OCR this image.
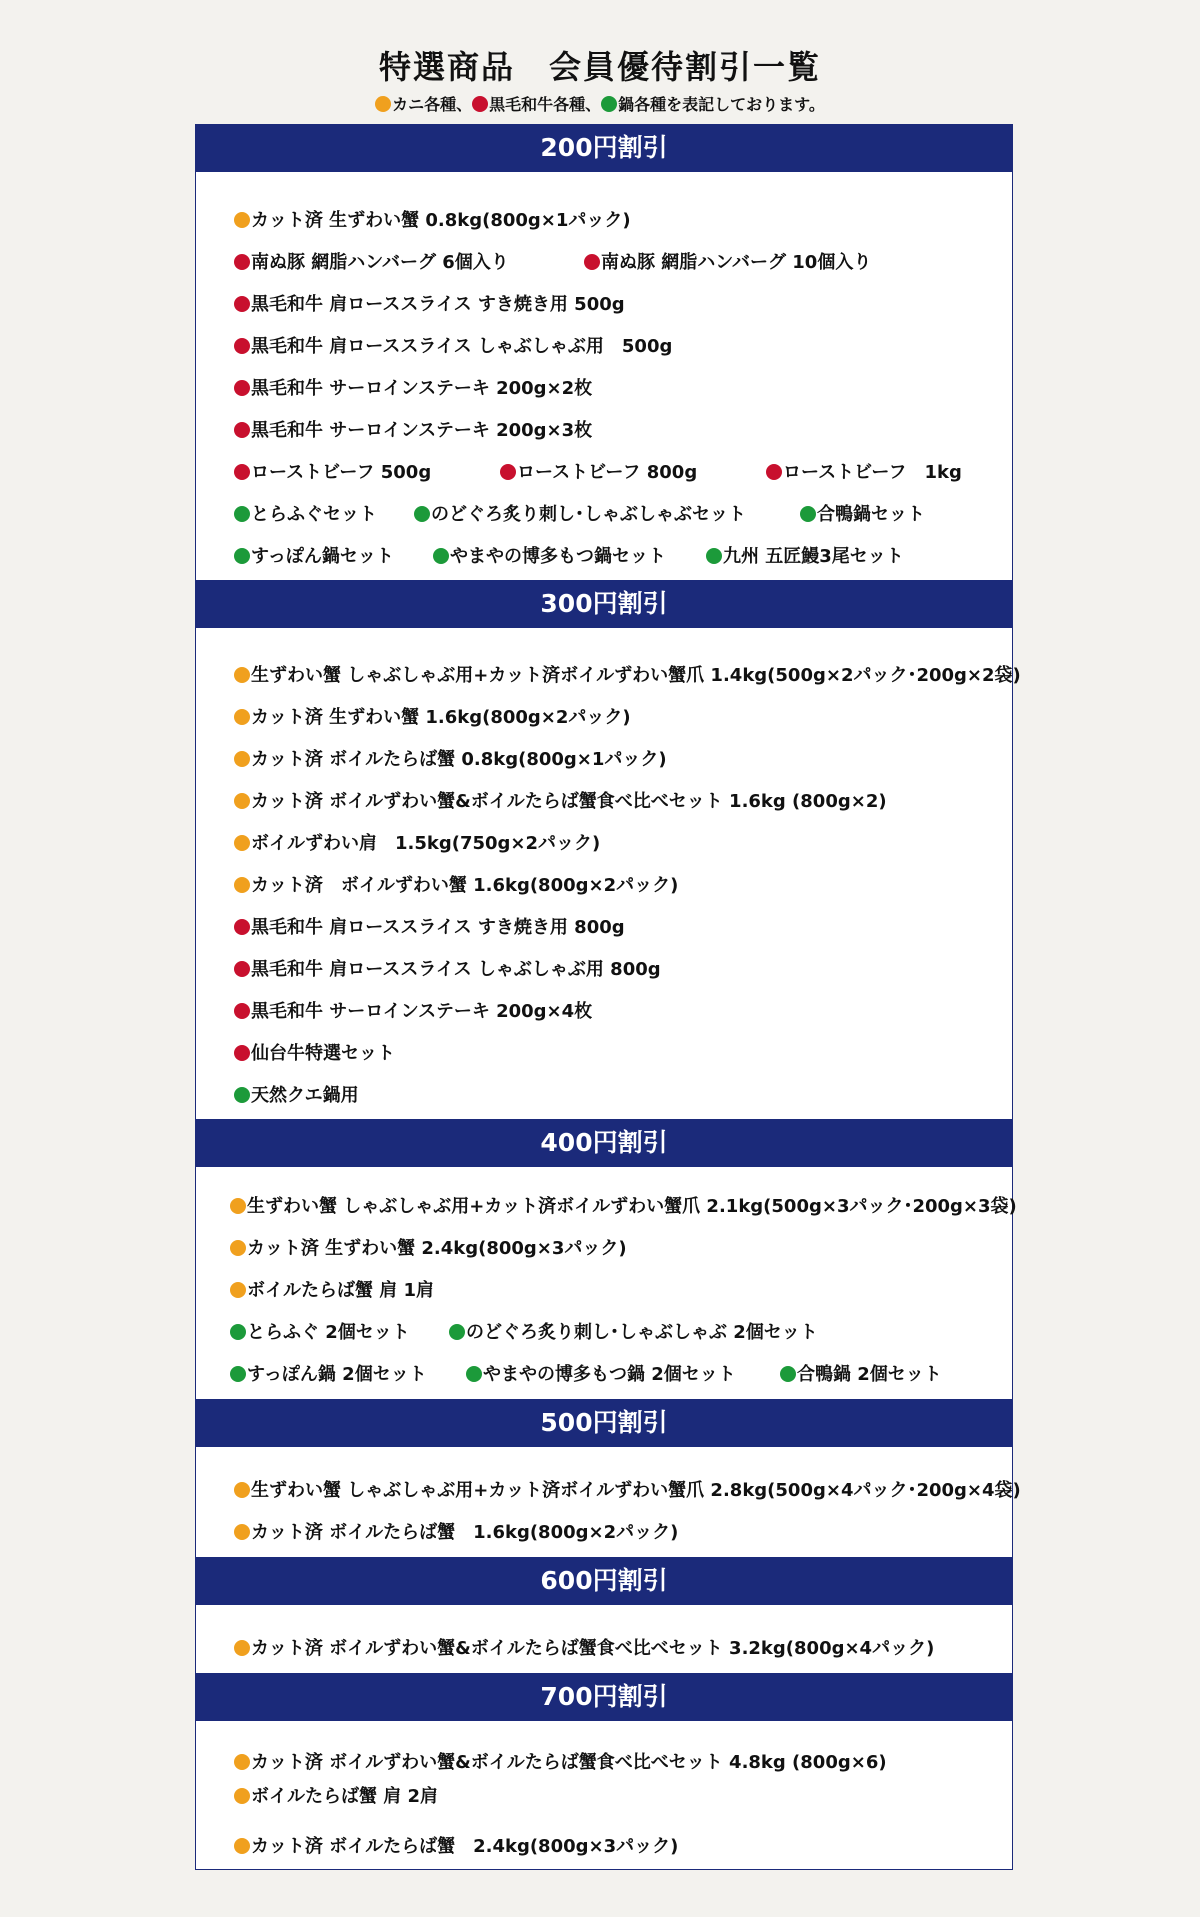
特選商品　会員優待割引一覧
カニ各種、 黒毛和牛各種、 鍋各種を表記しております。
200円割引
カット済 生ずわい蟹 0.8kg(800g×1パック)
南ぬ豚 網脂ハンバーグ 6個入り	南ぬ豚 網脂ハンバーグ 10個入り
黒毛和牛 肩ローススライス すき焼き用 500g
黒毛和牛 肩ローススライス しゃぶしゃぶ用　500g
黒毛和牛 サーロインステーキ 200g×2枚
黒毛和牛 サーロインステーキ 200g×3枚
ローストビーフ 500g	ローストビーフ 800g	ローストビーフ　1kg
とらふぐセット	のどぐろ炙り刺し･しゃぶしゃぶセット	合鴨鍋セット
すっぽん鍋セット	やまやの博多もつ鍋セット	九州 五匠鰻3尾セット
300円割引
生ずわい蟹 しゃぶしゃぶ用+カット済ボイルずわい蟹爪 1.4kg(500g×2パック･200g×2袋)
カット済 生ずわい蟹 1.6kg(800g×2パック)
カット済 ボイルたらば蟹 0.8kg(800g×1パック)
カット済 ボイルずわい蟹&ボイルたらば蟹食べ比べセット 1.6kg (800g×2)
ボイルずわい肩　1.5kg(750g×2パック)
カット済　ボイルずわい蟹 1.6kg(800g×2パック)
黒毛和牛 肩ローススライス すき焼き用 800g
黒毛和牛 肩ローススライス しゃぶしゃぶ用 800g
黒毛和牛 サーロインステーキ 200g×4枚
仙台牛特選セット
天然クエ鍋用
400円割引
生ずわい蟹 しゃぶしゃぶ用+カット済ボイルずわい蟹爪 2.1kg(500g×3パック･200g×3袋)
カット済 生ずわい蟹 2.4kg(800g×3パック)
ボイルたらば蟹 肩 1肩
とらふぐ 2個セット	のどぐろ炙り刺し･しゃぶしゃぶ 2個セット
すっぽん鍋 2個セット	やまやの博多もつ鍋 2個セット	合鴨鍋 2個セット
500円割引
生ずわい蟹 しゃぶしゃぶ用+カット済ボイルずわい蟹爪 2.8kg(500g×4パック･200g×4袋)
カット済 ボイルたらば蟹　1.6kg(800g×2パック)
600円割引
カット済 ボイルずわい蟹&ボイルたらば蟹食べ比べセット 3.2kg(800g×4パック)
700円割引
カット済 ボイルずわい蟹&ボイルたらば蟹食べ比べセット 4.8kg (800g×6)
ボイルたらば蟹 肩 2肩
カット済 ボイルたらば蟹　2.4kg(800g×3パック)
